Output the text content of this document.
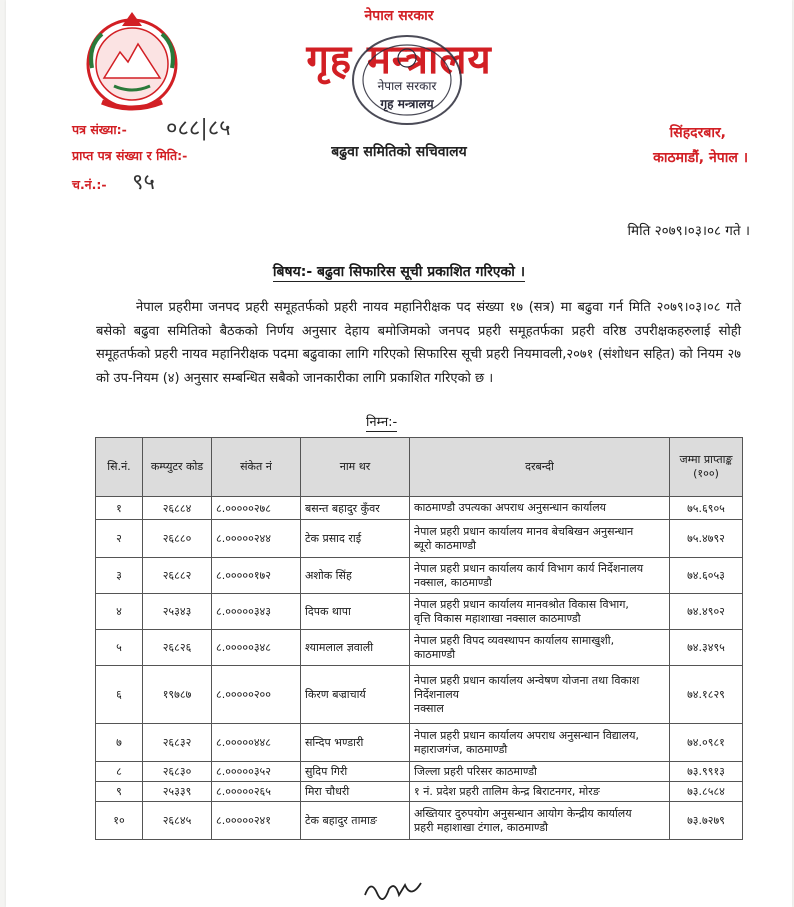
नेपाल सरकार
गृह मन्त्रालय
नेपाल सरकार
गृह मन्त्रालय
बढुवा समितिको सचिवालय
पत्र संख्या:- ०८८|८५
प्राप्त पत्र संख्या र मिति:-
च.नं.:- ९५
सिंहदरबार,
काठमाडौं, नेपाल ।
मिति २०७९।०३।०८ गते ।
बिषय:- बढुवा सिफारिस सूची प्रकाशित गरिएको ।
नेपाल प्रहरीमा जनपद प्रहरी समूहतर्फको प्रहरी नायव महानिरीक्षक पद संख्या १७ (सत्र) मा बढुवा गर्न मिति २०७९।०३।०८ गते बसेको बढुवा समितिको बैठकको निर्णय अनुसार देहाय बमोजिमको जनपद प्रहरी समूहतर्फका प्रहरी वरिष्ठ उपरीक्षकहरुलाई सोही समूहतर्फको प्रहरी नायव महानिरीक्षक पदमा बढुवाका लागि गरिएको सिफारिस सूची प्रहरी नियमावली,२०७१ (संशोधन सहित) को नियम २७ को उप-नियम (४) अनुसार सम्बन्धित सबैको जानकारीका लागि प्रकाशित गरिएको छ ।
निम्न:-
सि.नं.	कम्प्युटर कोड	संकेत नं	नाम थर	दरबन्दी	जम्मा प्राप्ताङ्क (१००)
१	२६८८४	८.०००००२७८	बसन्त बहादुर कुँवर	काठमाण्डौ उपत्यका अपराध अनुसन्धान कार्यालय	७५.६९०५
२	२६८८०	८.०००००२४४	टेक प्रसाद राई	नेपाल प्रहरी प्रधान कार्यालय मानव बेचबिखन अनुसन्धान
ब्यूरो काठमाण्डौ	७५.४७९२
३	२६८८२	८.०००००१७२	अशोक सिंह	नेपाल प्रहरी प्रधान कार्यालय कार्य विभाग कार्य निर्देशनालय
नक्साल, काठमाण्डौ	७४.६०५३
४	२५३४३	८.०००००३४३	दिपक थापा	नेपाल प्रहरी प्रधान कार्यालय मानवश्रोत विकास विभाग,
वृत्ति विकास महाशाखा नक्साल काठमाण्डौ	७४.४९०२
५	२६८२६	८.०००००३४८	श्यामलाल ज्ञवाली	नेपाल प्रहरी विपद व्यवस्थापन कार्यालय सामाखुशी,
काठमाण्डौ	७४.३४९५
६	१९७८७	८.०००००२००	किरण बज्राचार्य	नेपाल प्रहरी प्रधान कार्यालय अन्वेषण योजना तथा विकाश
निर्देशनालय
नक्साल	७४.१८२९
७	२६८३२	८.०००००४४८	सन्दिप भण्डारी	नेपाल प्रहरी प्रधान कार्यालय अपराध अनुसन्धान विद्यालय,
महाराजगंज, काठमाण्डौ	७४.०९८१
८	२६८३०	८.०००००३५२	सुदिप गिरी	जिल्ला प्रहरी परिसर काठमाण्डौ	७३.९९१३
९	२५३३९	८.०००००२६५	मिरा चौधरी	१ नं. प्रदेश प्रहरी तालिम केन्द्र बिराटनगर, मोरङ	७३.८५८४
१०	२६८४५	८.०००००२४१	टेक बहादुर तामाङ	अख्तियार दुरुपयोग अनुसन्धान आयोग केन्द्रीय कार्यालय
प्रहरी महाशाखा टंगाल, काठमाण्डौ	७३.७२७९
